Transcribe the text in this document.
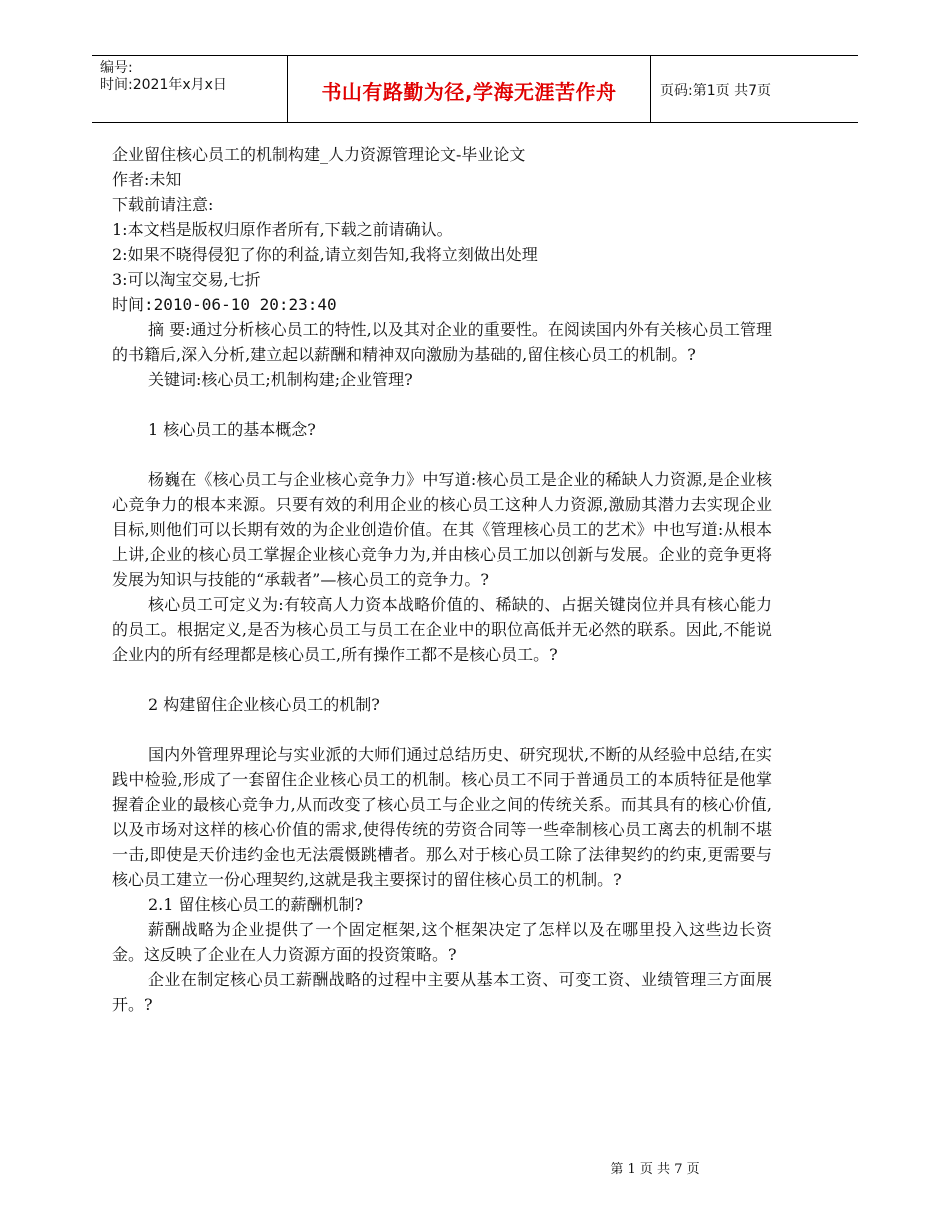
编号:
时间:2021年x月x日	书山有路勤为径,学海无涯苦作舟	页码:第1页 共7页
企业留住核心员工的机制构建_人力资源管理论文-毕业论文
作者:未知
下载前请注意:
1:本文档是版权归原作者所有,下载之前请确认。
2:如果不晓得侵犯了你的利益,请立刻告知,我将立刻做出处理
3:可以淘宝交易,七折
时间:2010-06-10 20:23:40

摘 要:通过分析核心员工的特性,以及其对企业的重要性。在阅读国内外有关核心员工管理的书籍后,深入分析,建立起以薪酬和精神双向激励为基础的,留住核心员工的机制。?

关键词:核心员工;机制构建;企业管理?
1 核心员工的基本概念?

杨巍在《核心员工与企业核心竞争力》中写道:核心员工是企业的稀缺人力资源,是企业核心竞争力的根本来源。只要有效的利用企业的核心员工这种人力资源,激励其潜力去实现企业目标,则他们可以长期有效的为企业创造价值。在其《管理核心员工的艺术》中也写道:从根本上讲,企业的核心员工掌握企业核心竞争力为,并由核心员工加以创新与发展。企业的竞争更将发展为知识与技能的“承载者”—核心员工的竞争力。?

核心员工可定义为:有较高人力资本战略价值的、稀缺的、占据关键岗位并具有核心能力的员工。根据定义,是否为核心员工与员工在企业中的职位高低并无必然的联系。因此,不能说企业内的所有经理都是核心员工,所有操作工都不是核心员工。?

2 构建留住企业核心员工的机制?

国内外管理界理论与实业派的大师们通过总结历史、研究现状,不断的从经验中总结,在实践中检验,形成了一套留住企业核心员工的机制。核心员工不同于普通员工的本质特征是他掌握着企业的最核心竞争力,从而改变了核心员工与企业之间的传统关系。而其具有的核心价值,以及市场对这样的核心价值的需求,使得传统的劳资合同等一些牵制核心员工离去的机制不堪一击,即使是天价违约金也无法震慑跳槽者。那么对于核心员工除了法律契约的约束,更需要与核心员工建立一份心理契约,这就是我主要探讨的留住核心员工的机制。?

2.1 留住核心员工的薪酬机制?

薪酬战略为企业提供了一个固定框架,这个框架决定了怎样以及在哪里投入这些边长资金。这反映了企业在人力资源方面的投资策略。?

企业在制定核心员工薪酬战略的过程中主要从基本工资、可变工资、业绩管理三方面展开。?

第 1 页 共 7 页
